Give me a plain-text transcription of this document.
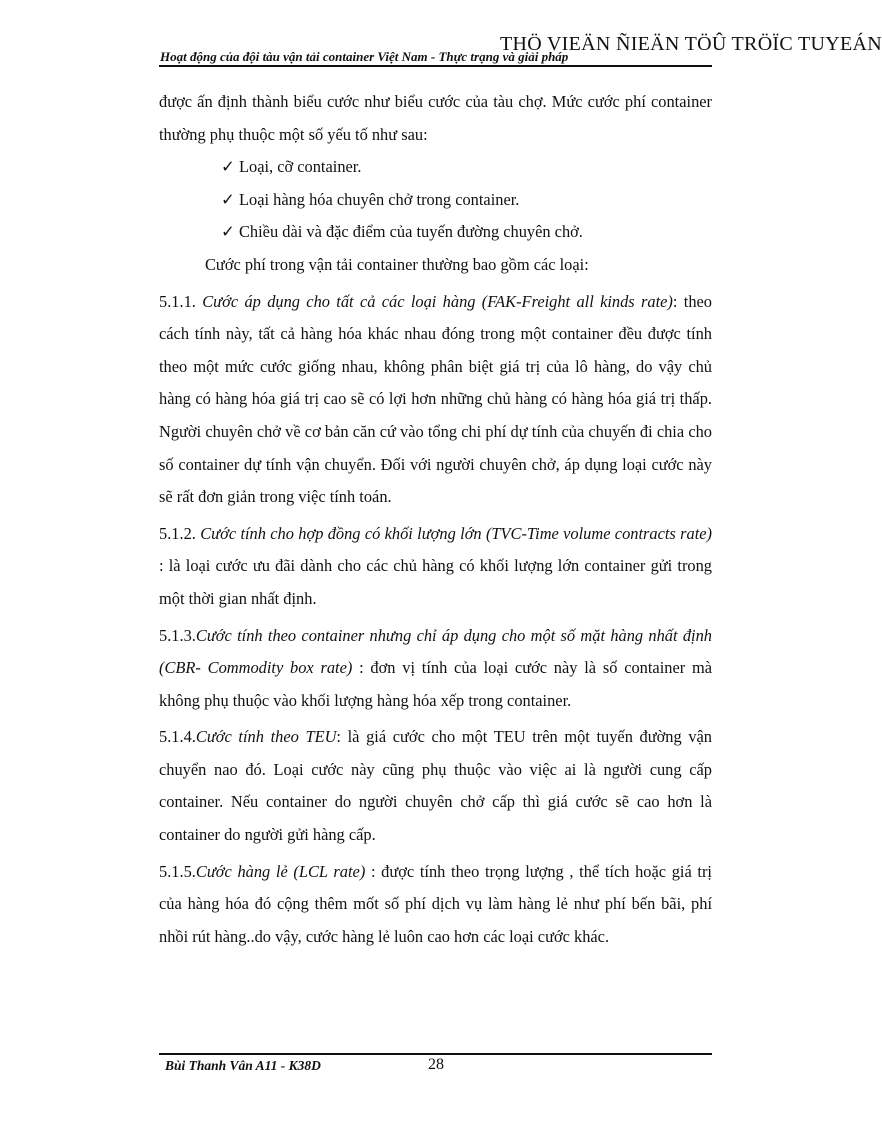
THÖ VIEÄN ÑIEÄN TÖÛ TRÖÏC TUYEÁN
Hoạt động của đội tàu vận tải container Việt Nam - Thực trạng và giải pháp

được ấn định thành biểu cước như biểu cước của tàu chợ. Mức cước phí container thường phụ thuộc một số yếu tố như sau:

✓ Loại, cỡ container.

✓ Loại hàng hóa chuyên chở trong container.

✓ Chiều dài và đặc điểm của tuyến đường chuyên chở.

Cước phí trong vận tải container thường bao gồm các loại:

5.1.1. Cước áp dụng cho tất cả các loại hàng (FAK-Freight all kinds rate): theo cách tính này, tất cả hàng hóa khác nhau đóng trong một container đều được tính theo một mức cước giống nhau, không phân biệt giá trị của lô hàng, do vậy chủ hàng có hàng hóa giá trị cao sẽ có lợi hơn những chủ hàng có hàng hóa giá trị thấp. Người chuyên chở về cơ bản căn cứ vào tổng chi phí dự tính của chuyến đi chia cho số container dự tính vận chuyển. Đối với người chuyên chở, áp dụng loại cước này sẽ rất đơn giản trong việc tính toán.

5.1.2. Cước tính cho hợp đồng có khối lượng lớn (TVC-Time volume contracts rate) : là loại cước ưu đãi dành cho các chủ hàng có khối lượng lớn container gửi trong một thời gian nhất định.

5.1.3.Cước tính theo container nhưng chỉ áp dụng cho một số mặt hàng nhất định (CBR- Commodity box rate) : đơn vị tính của loại cước này là số container mà không phụ thuộc vào khối lượng hàng hóa xếp trong container.

5.1.4.Cước tính theo TEU: là giá cước cho một TEU trên một tuyến đường vận chuyển nao đó. Loại cước này cũng phụ thuộc vào việc ai là người cung cấp container. Nếu container do người chuyên chở cấp thì giá cước sẽ cao hơn là container do người gửi hàng cấp.

5.1.5.Cước hàng lẻ (LCL rate) : được tính theo trọng lượng , thể tích hoặc giá trị của hàng hóa đó cộng thêm mốt số phí dịch vụ làm hàng lẻ như phí bến bãi, phí nhồi rút hàng..do vậy, cước hàng lẻ luôn cao hơn các loại cước khác.

Bùi Thanh Vân A11 - K38D	28
